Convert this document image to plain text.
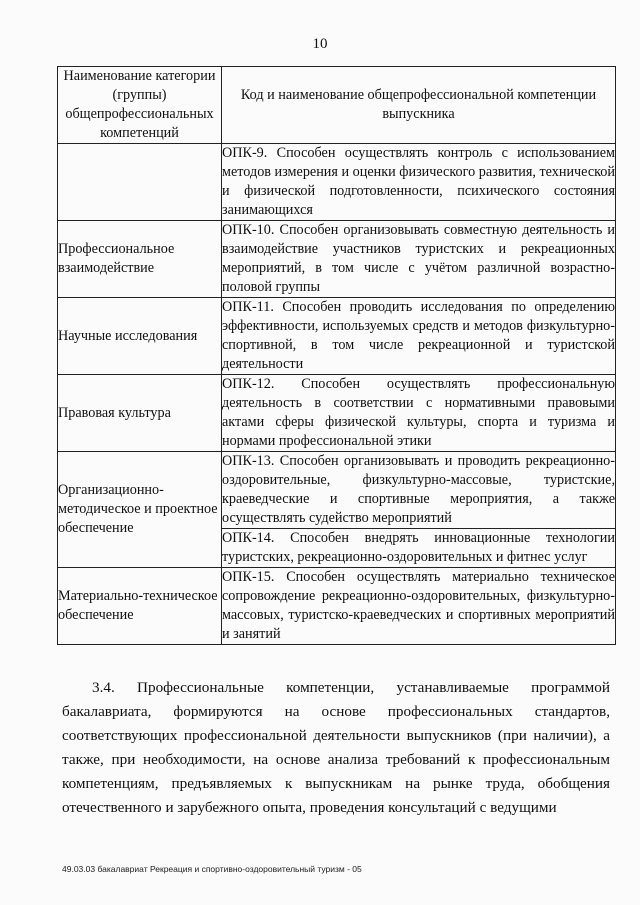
10
Наименование категории (группы) общепрофессиональных компетенций	Код и наименование общепрофессиональной компетенции выпускника
	ОПК-9. Способен осуществлять контроль с использованием методов измерения и оценки физического развития, технической и физической подготовленности, психического состояния занимающихся
Профессиональное взаимодействие	ОПК-10. Способен организовывать совместную деятельность и взаимодействие участников туристских и рекреационных мероприятий, в том числе с учётом различной возрастно-половой группы
Научные исследования	ОПК-11. Способен проводить исследования по определению эффективности, используемых средств и методов физкультурно-спортивной, в том числе рекреационной и туристской деятельности
Правовая культура	ОПК-12. Способен осуществлять профессиональную деятельность в соответствии с нормативными правовыми актами сферы физической культуры, спорта и туризма и нормами профессиональной этики
Организационно-методическое и проектное обеспечение	ОПК-13. Способен организовывать и проводить рекреационно-оздоровительные, физкультурно-массовые, туристские, краеведческие и спортивные мероприятия, а также осуществлять судейство мероприятий
	ОПК-14. Способен внедрять инновационные технологии туристских, рекреационно-оздоровительных и фитнес услуг
Материально-техническое обеспечение	ОПК-15. Способен осуществлять материально техническое сопровождение рекреационно-оздоровительных, физкультурно-массовых, туристско-краеведческих и спортивных мероприятий и занятий

3.4. Профессиональные компетенции, устанавливаемые программой бакалавриата, формируются на основе профессиональных стандартов, соответствующих профессиональной деятельности выпускников (при наличии), а также, при необходимости, на основе анализа требований к профессиональным компетенциям, предъявляемых к выпускникам на рынке труда, обобщения отечественного и зарубежного опыта, проведения консультаций с ведущими

49.03.03 бакалавриат Рекреация и спортивно-оздоровительный туризм - 05
